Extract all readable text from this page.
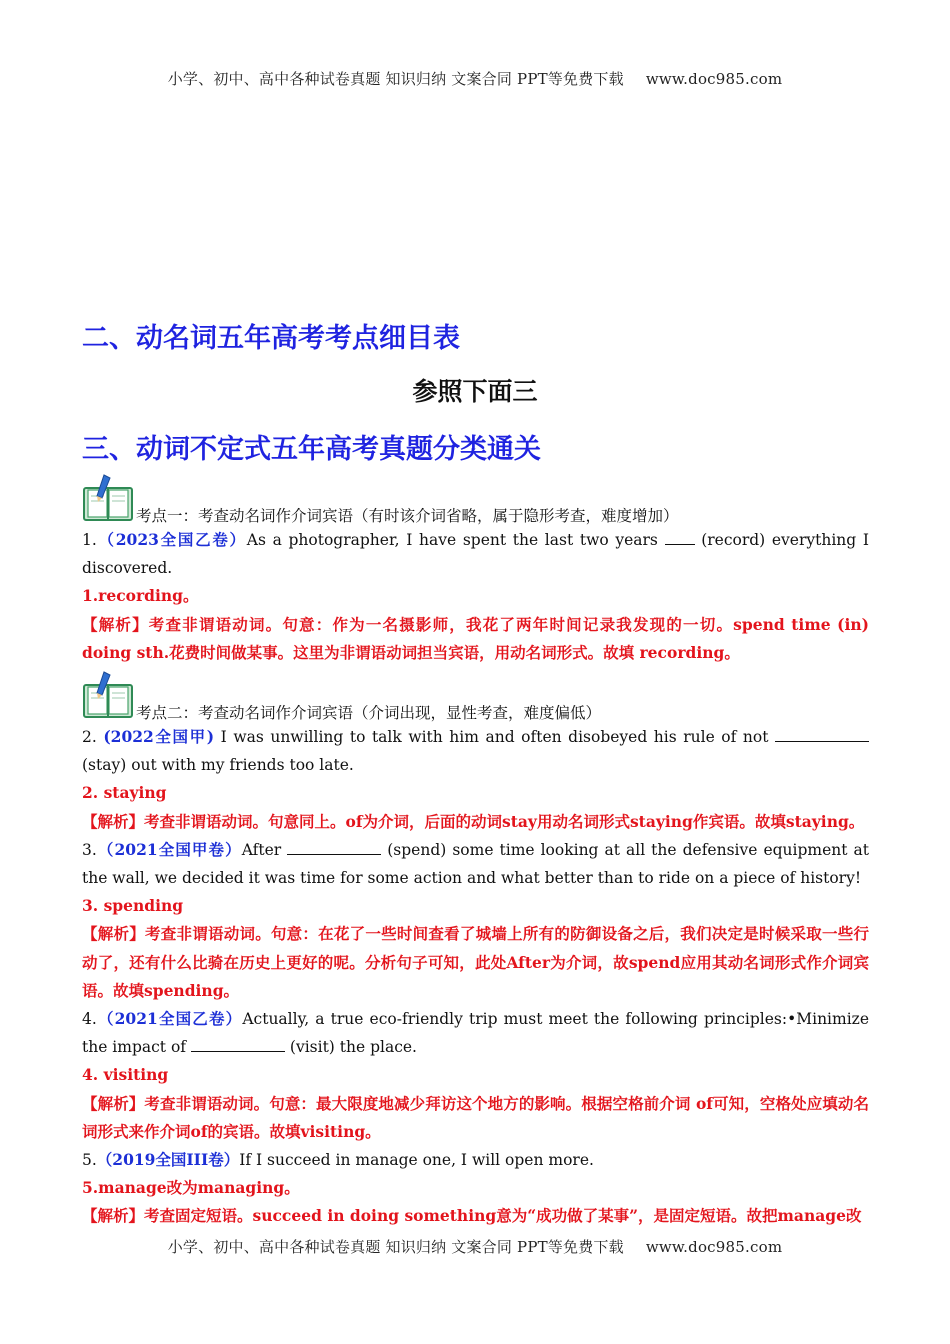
小学、初中、高中各种试卷真题 知识归纳 文案合同 PPT等免费下载 www.doc985.com
二、动名词五年高考考点细目表
参照下面三
三、动词不定式五年高考真题分类通关
考点一：考查动名词作介词宾语（有时该介词省略，属于隐形考查，难度增加）

1.（2023全国乙卷）As a photographer, I have spent the last two years  (record) everything I discovered.

1.recording。

【解析】考查非谓语动词。句意：作为一名摄影师，我花了两年时间记录我发现的一切。spend time (in) doing sth.花费时间做某事。这里为非谓语动词担当宾语，用动名词形式。故填 recording。

考点二：考查动名词作介词宾语（介词出现，显性考查，难度偏低）

2. (2022全国甲) I was unwilling to talk with him and often disobeyed his rule of not (stay) out with my friends too late.

2. staying

【解析】考查非谓语动词。句意同上。of为介词，后面的动词stay用动名词形式staying作宾语。故填staying。

3.（2021全国甲卷）After	(spend) some time looking at all the defensive equipment at the wall, we decided it was time for some action and what better than to ride on a piece of history!

3. spending

【解析】考查非谓语动词。句意：在花了一些时间查看了城墙上所有的防御设备之后，我们决定是时候采取一些行动了，还有什么比骑在历史上更好的呢。分析句子可知，此处After为介词，故spend应用其动名词形式作介词宾语。故填spending。

4.（2021全国乙卷）Actually, a true eco-friendly trip must meet the following principles:•Minimize the impact of	(visit) the place.

4. visiting

【解析】考查非谓语动词。句意：最大限度地减少拜访这个地方的影响。根据空格前介词 of可知，空格处应填动名词形式来作介词of的宾语。故填visiting。

5.（2019全国III卷）If I succeed in manage one, I will open more.

5.manage改为managing。

【解析】考查固定短语。succeed in doing something意为“成功做了某事”，是固定短语。故把manage改

小学、初中、高中各种试卷真题 知识归纳 文案合同 PPT等免费下载 www.doc985.com
